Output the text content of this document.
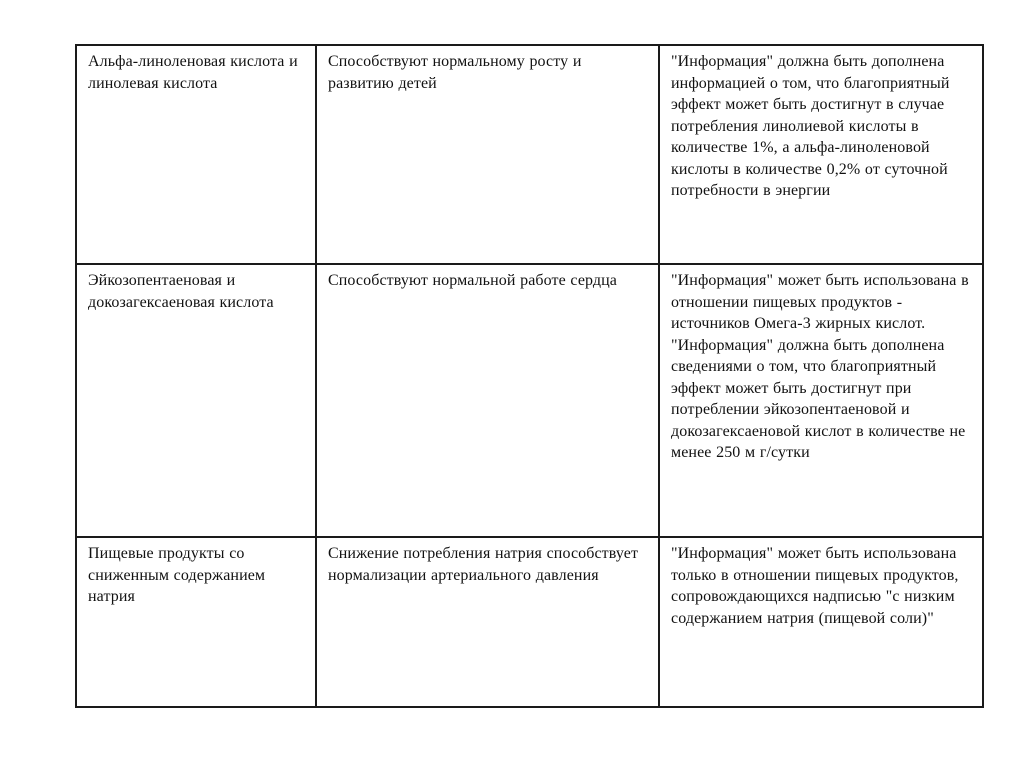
Альфа-линоленовая кислота и линолевая кислота	Способствуют нормальному росту и развитию детей	"Информация" должна быть дополнена информацией о том, что благоприятный эффект может быть достигнут в случае потребления линолиевой кислоты в количестве 1%, а альфа-линоленовой кислоты в количестве 0,2% от суточной потребности в энергии
Эйкозопентаеновая и докозагексаеновая кислота	Способствуют нормальной работе сердца	"Информация" может быть использована в отношении пищевых продуктов - источников Омега-3 жирных кислот. "Информация" должна быть дополнена сведениями о том, что благоприятный эффект может быть достигнут при потреблении эйкозопентаеновой и докозагексаеновой кислот в количестве не менее 250 м г/сутки
Пищевые продукты со сниженным содержанием натрия	Снижение потребления натрия способствует нормализации артериального давления	"Информация" может быть использована только в отношении пищевых продуктов, сопровождающихся надписью "с низким содержанием натрия (пищевой соли)"
